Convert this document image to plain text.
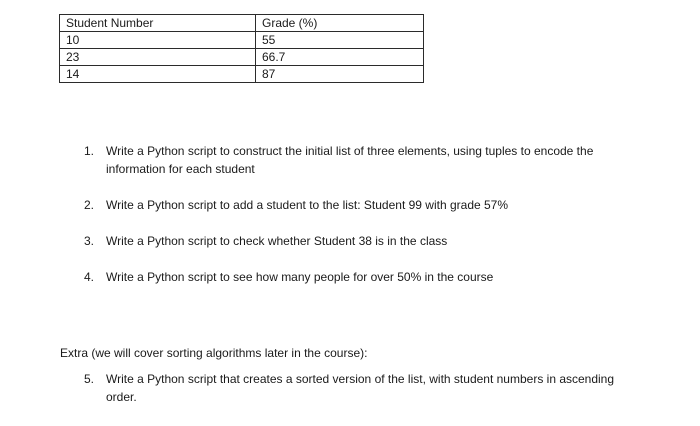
Student Number	Grade (%)
10	55
23	66.7
14	87
1. Write a Python script to construct the initial list of three elements, using tuples to encode the information for each student
2. Write a Python script to add a student to the list: Student 99 with grade 57%
3. Write a Python script to check whether Student 38 is in the class
4. Write a Python script to see how many people for over 50% in the course
5. Write a Python script that creates a sorted version of the list, with student numbers in ascending order.
Extra (we will cover sorting algorithms later in the course):
